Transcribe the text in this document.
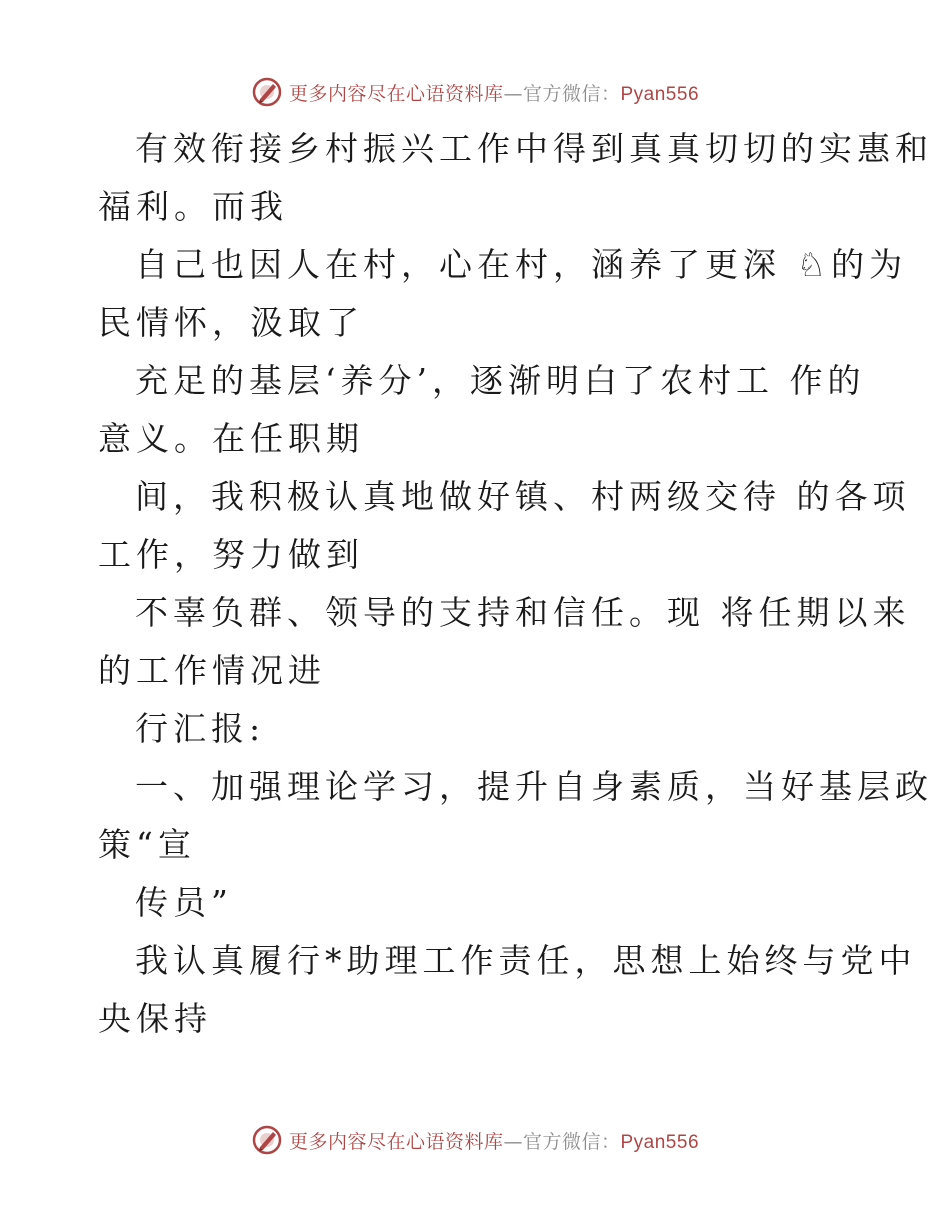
更多内容尽在心语资料库—官方微信：Pyan556
有效衔接乡村振兴工作中得到真真切切的实惠和
福利。而我
自己也因人在村，心在村，涵养了更深 ♘的为
民情怀，汲取了
充足的基层‘养分’，逐渐明白了农村工 作的
意义。在任职期
间，我积极认真地做好镇、村两级交待 的各项
工作，努力做到
不辜负群、领导的支持和信任。现 将任期以来
的工作情况进
行汇报:
一、加强理论学习，提升自身素质，当好基层政
策“宣
传员”
我认真履行*助理工作责任，思想上始终与党中
央保持
更多内容尽在心语资料库—官方微信：Pyan556
